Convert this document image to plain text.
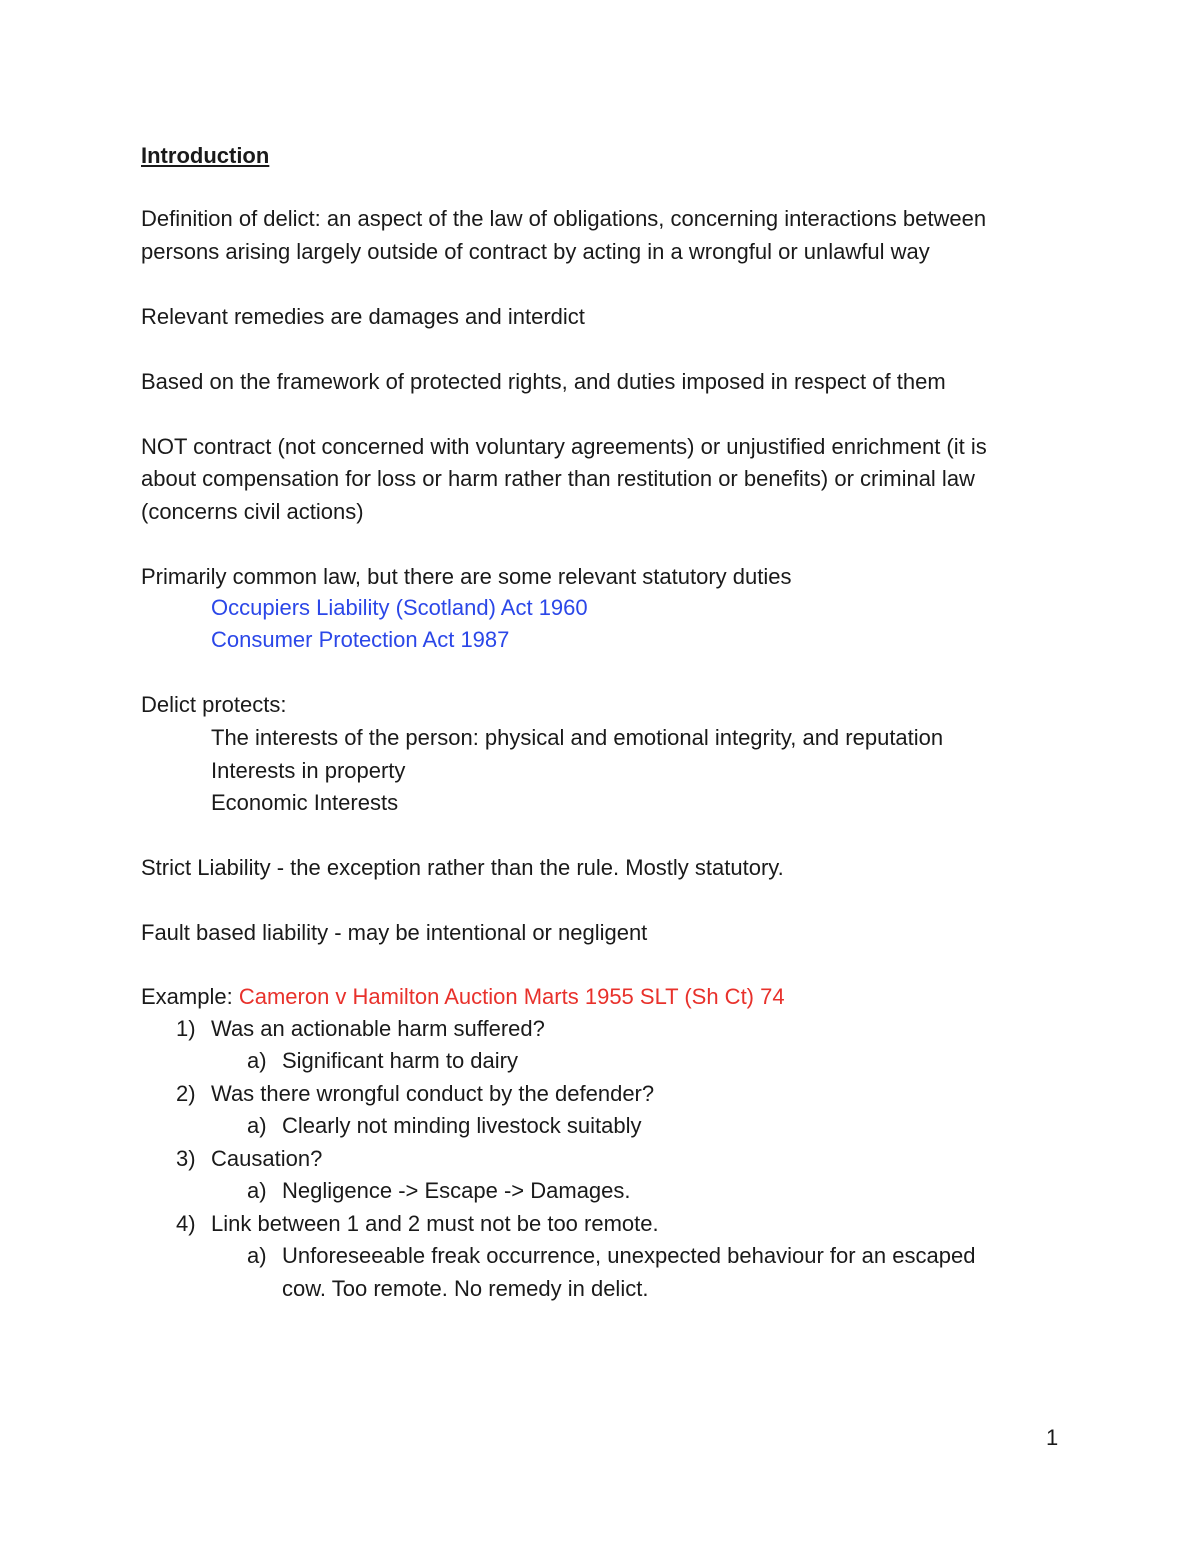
Introduction
Definition of delict: an aspect of the law of obligations, concerning interactions between
persons arising largely outside of contract by acting in a wrongful or unlawful way
Relevant remedies are damages and interdict
Based on the framework of protected rights, and duties imposed in respect of them
NOT contract (not concerned with voluntary agreements) or unjustified enrichment (it is
about compensation for loss or harm rather than restitution or benefits) or criminal law
(concerns civil actions)
Primarily common law, but there are some relevant statutory duties
Occupiers Liability (Scotland) Act 1960
Consumer Protection Act 1987
Delict protects:
The interests of the person: physical and emotional integrity, and reputation
Interests in property
Economic Interests
Strict Liability - the exception rather than the rule. Mostly statutory.
Fault based liability - may be intentional or negligent
Example: Cameron v Hamilton Auction Marts 1955 SLT (Sh Ct) 74
1) Was an actionable harm suffered?
a) Significant harm to dairy
2) Was there wrongful conduct by the defender?
a) Clearly not minding livestock suitably
3) Causation?
a) Negligence -> Escape -> Damages.
4) Link between 1 and 2 must not be too remote.
a) Unforeseeable freak occurrence, unexpected behaviour for an escaped
cow. Too remote. No remedy in delict.
1
